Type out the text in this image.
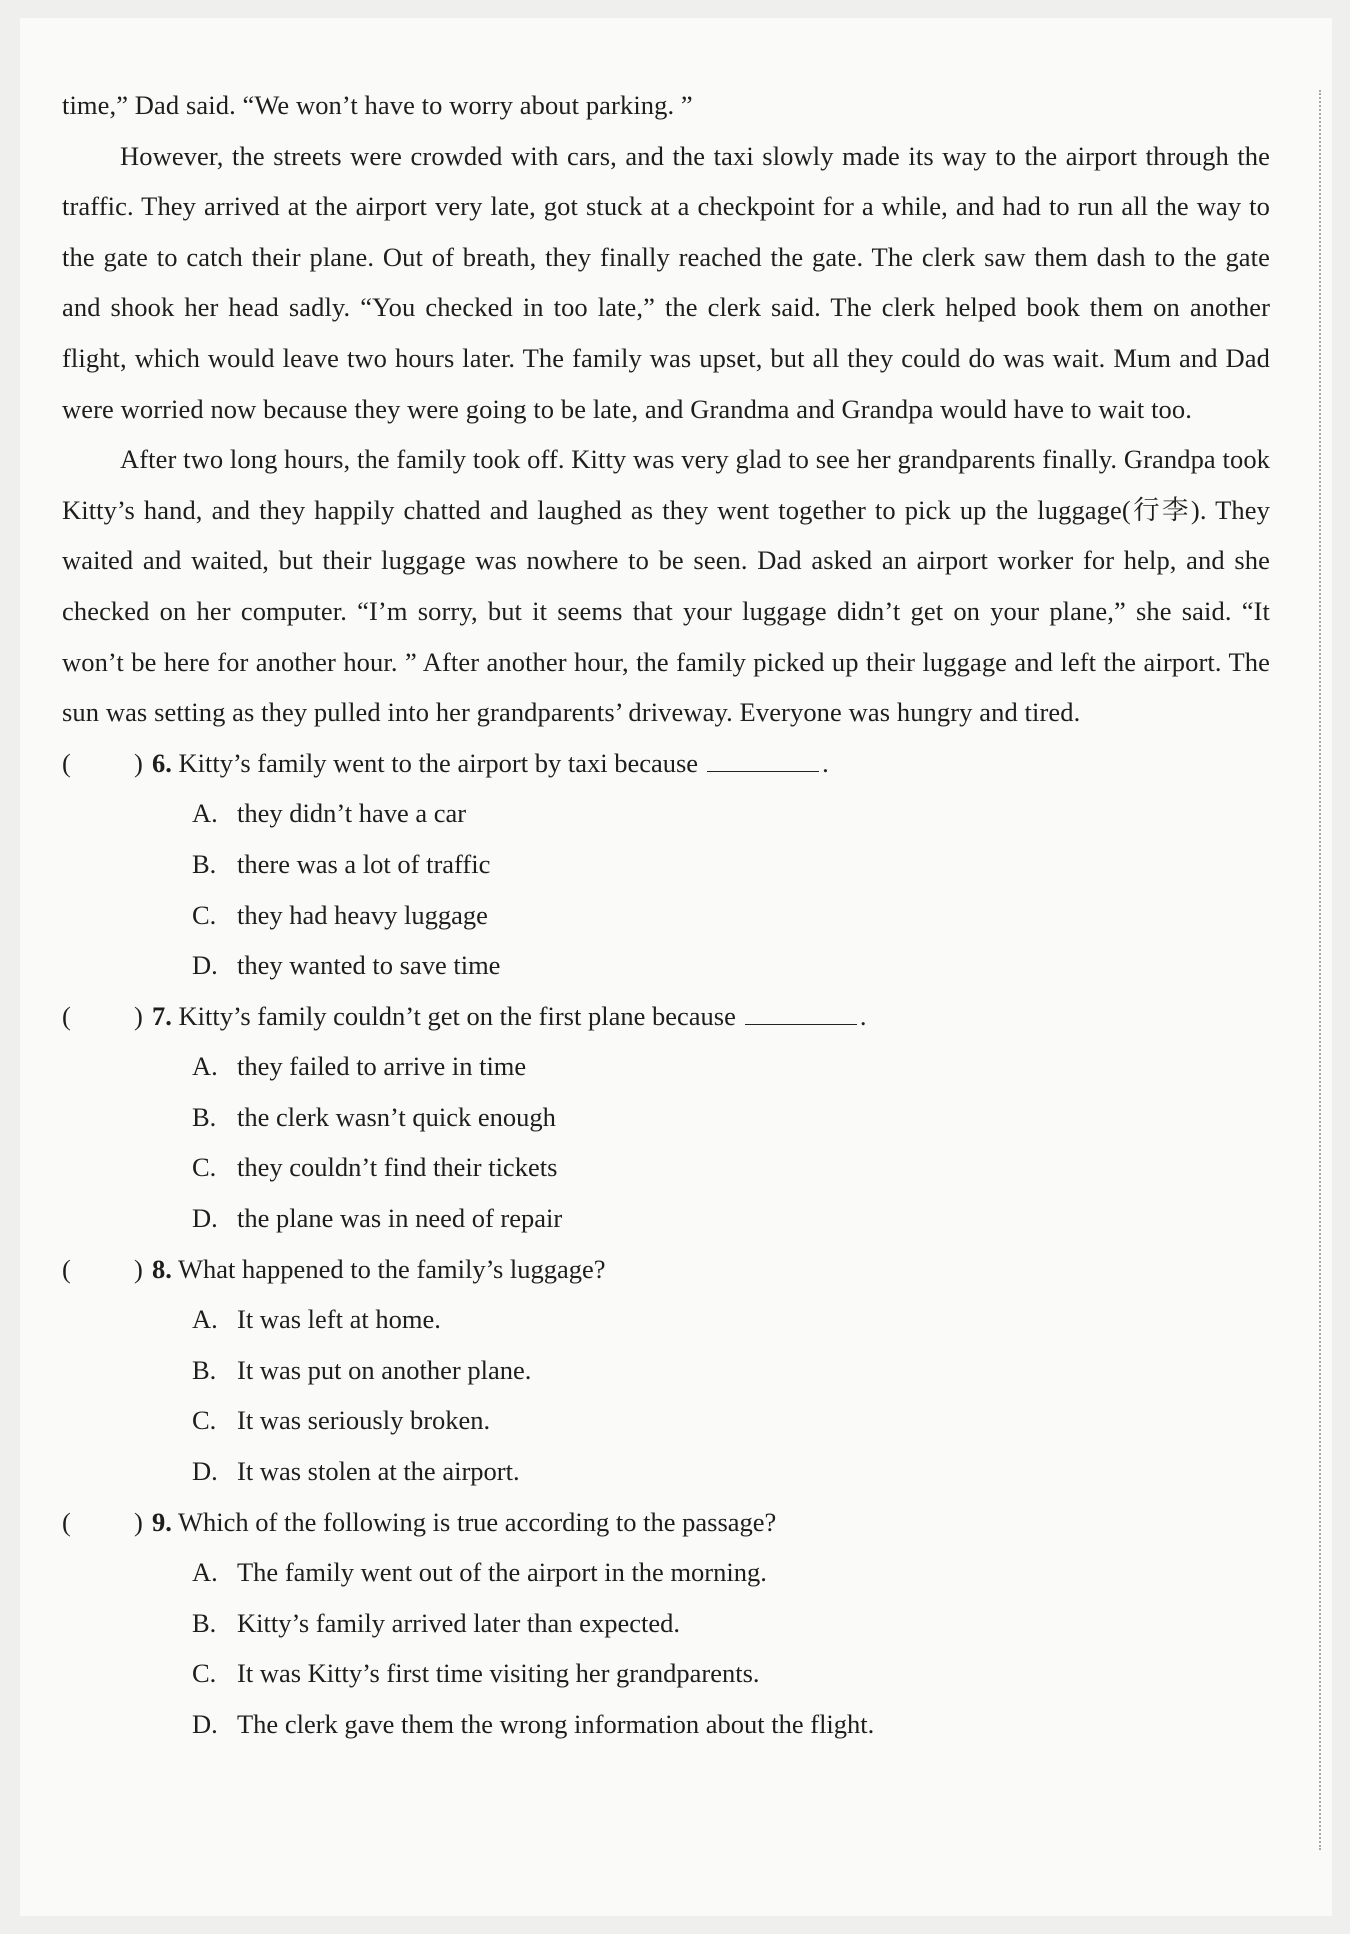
time,” Dad said. “We won’t have to worry about parking. ”

However, the streets were crowded with cars, and the taxi slowly made its way to the airport through the traffic. They arrived at the airport very late, got stuck at a checkpoint for a while, and had to run all the way to the gate to catch their plane. Out of breath, they finally reached the gate. The clerk saw them dash to the gate and shook her head sadly. “You checked in too late,” the clerk said. The clerk helped book them on another flight, which would leave two hours later. The family was upset, but all they could do was wait. Mum and Dad were worried now because they were going to be late, and Grandma and Grandpa would have to wait too.

After two long hours, the family took off. Kitty was very glad to see her grandparents finally. Grandpa took Kitty’s hand, and they happily chatted and laughed as they went together to pick up the luggage(行李). They waited and waited, but their luggage was nowhere to be seen. Dad asked an airport worker for help, and she checked on her computer. “I’m sorry, but it seems that your luggage didn’t get on your plane,” she said. “It won’t be here for another hour. ” After another hour, the family picked up their luggage and left the airport. The sun was setting as they pulled into her grandparents’ driveway. Everyone was hungry and tired.

( ) 6. Kitty’s family went to the airport by taxi because	.

A. they didn’t have a car

B. there was a lot of traffic

C. they had heavy luggage

D. they wanted to save time

( ) 7. Kitty’s family couldn’t get on the first plane because	.

A. they failed to arrive in time

B. the clerk wasn’t quick enough

C. they couldn’t find their tickets

D. the plane was in need of repair

( ) 8. What happened to the family’s luggage?

A. It was left at home.

B. It was put on another plane.

C. It was seriously broken.

D. It was stolen at the airport.

( ) 9. Which of the following is true according to the passage?

A. The family went out of the airport in the morning.

B. Kitty’s family arrived later than expected.

C. It was Kitty’s first time visiting her grandparents.

D. The clerk gave them the wrong information about the flight.
